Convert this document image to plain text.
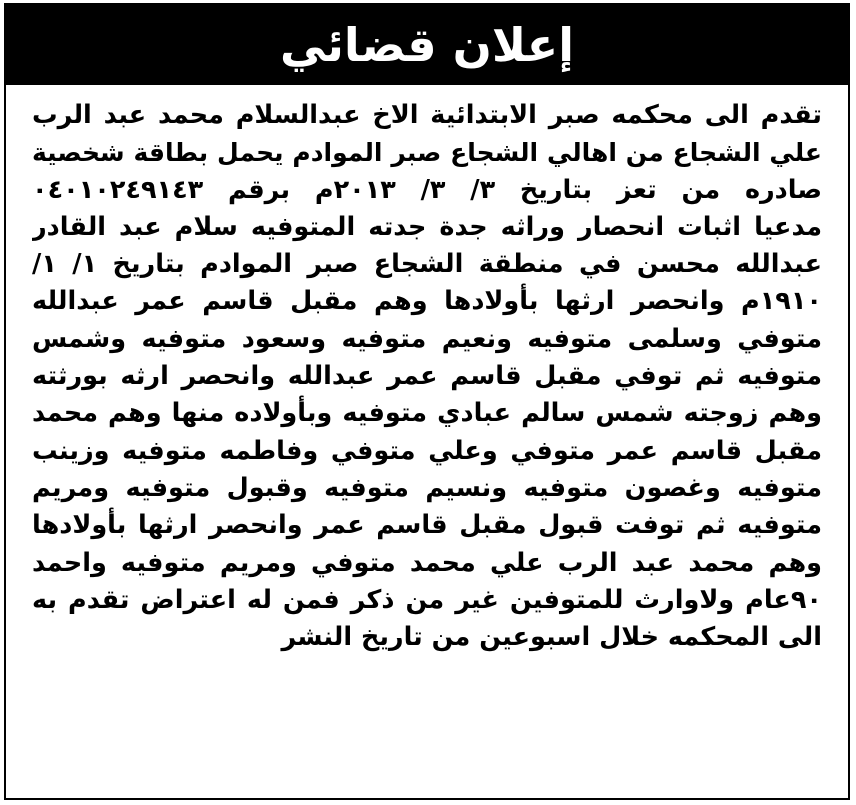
إعلان قضائي
تقدم الى محكمه صبر الابتدائية الاخ عبدالسلام محمد عبد الرب
علي الشجاع من اهالي الشجاع صبر الموادم يحمل بطاقة شخصية
صادره من تعز بتاريخ ٣/ ٣/ ٢٠١٣م برقم ٠٤٠١٠٢٤٩١٤٣
مدعيا اثبات انحصار وراثه جدة جدته المتوفيه سلام عبد القادر
عبدالله محسن في منطقة الشجاع صبر الموادم بتاريخ ١/ ١/
١٩١٠م وانحصر ارثها بأولادها وهم مقبل قاسم عمر عبدالله
متوفي وسلمى متوفيه ونعيم متوفيه وسعود متوفيه وشمس
متوفيه ثم توفي مقبل قاسم عمر عبدالله وانحصر ارثه بورثته
وهم زوجته شمس سالم عبادي متوفيه وبأولاده منها وهم محمد
مقبل قاسم عمر متوفي وعلي متوفي وفاطمه متوفيه وزينب
متوفيه وغصون متوفيه ونسيم متوفيه وقبول متوفيه ومريم
متوفيه ثم توفت قبول مقبل قاسم عمر وانحصر ارثها بأولادها
وهم محمد عبد الرب علي محمد متوفي ومريم متوفيه واحمد
٩٠عام ولاوارث للمتوفين غير من ذكر فمن له اعتراض تقدم به
الى المحكمه خلال اسبوعين من تاريخ النشر
